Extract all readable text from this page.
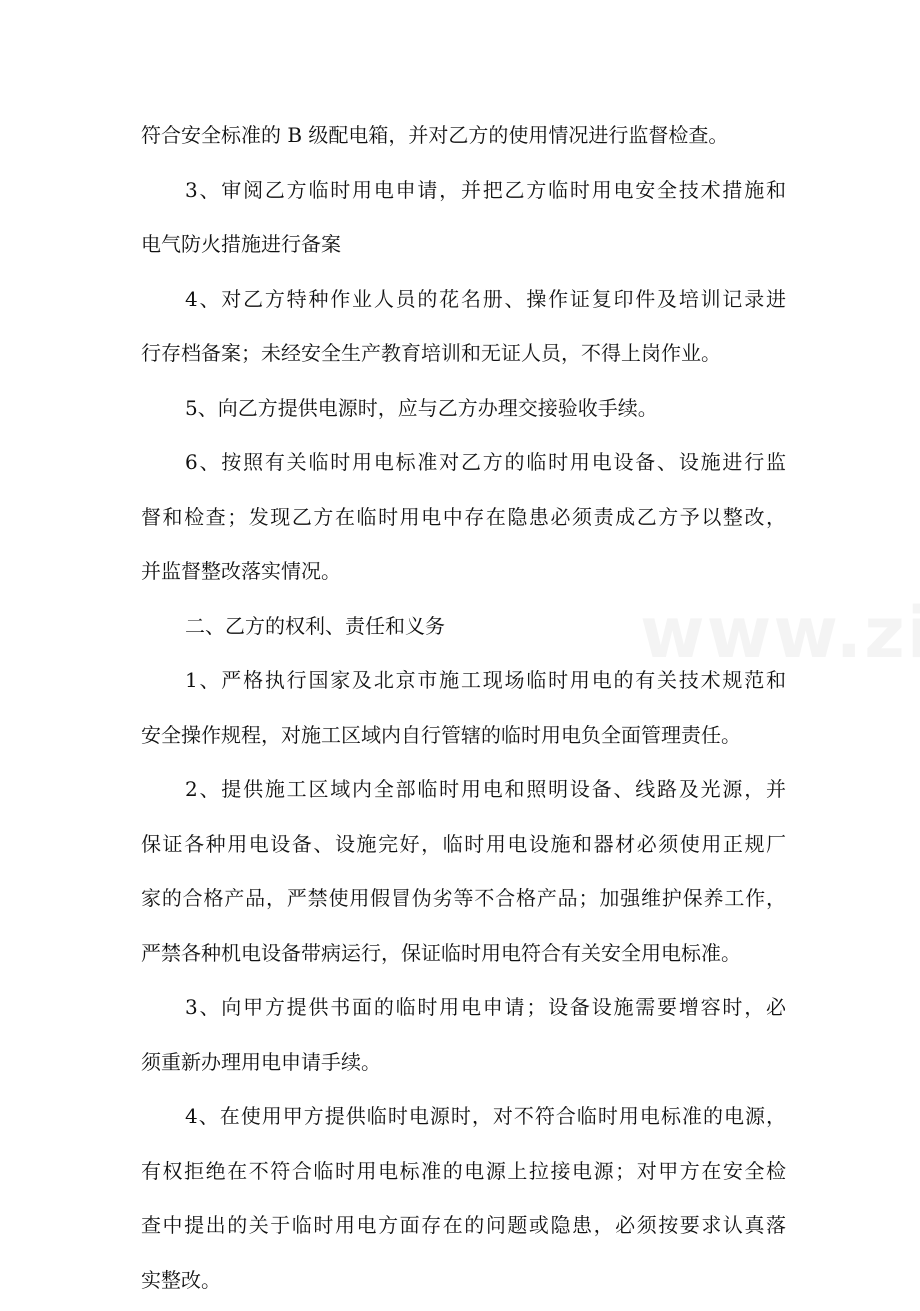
符合安全标准的 B 级配电箱，并对乙方的使用情况进行监督检查。
3、审阅乙方临时用电申请，并把乙方临时用电安全技术措施和
电气防火措施进行备案
4、对乙方特种作业人员的花名册、操作证复印件及培训记录进
行存档备案；未经安全生产教育培训和无证人员，不得上岗作业。
5、向乙方提供电源时，应与乙方办理交接验收手续。
6、按照有关临时用电标准对乙方的临时用电设备、设施进行监
督和检查；发现乙方在临时用电中存在隐患必须责成乙方予以整改，
并监督整改落实情况。
二、乙方的权利、责任和义务
1、严格执行国家及北京市施工现场临时用电的有关技术规范和
安全操作规程，对施工区域内自行管辖的临时用电负全面管理责任。
2、提供施工区域内全部临时用电和照明设备、线路及光源，并
保证各种用电设备、设施完好，临时用电设施和器材必须使用正规厂
家的合格产品，严禁使用假冒伪劣等不合格产品；加强维护保养工作，
严禁各种机电设备带病运行，保证临时用电符合有关安全用电标准。
3、向甲方提供书面的临时用电申请；设备设施需要增容时，必
须重新办理用电申请手续。
4、在使用甲方提供临时电源时，对不符合临时用电标准的电源，
有权拒绝在不符合临时用电标准的电源上拉接电源；对甲方在安全检
查中提出的关于临时用电方面存在的问题或隐患，必须按要求认真落
实整改。
